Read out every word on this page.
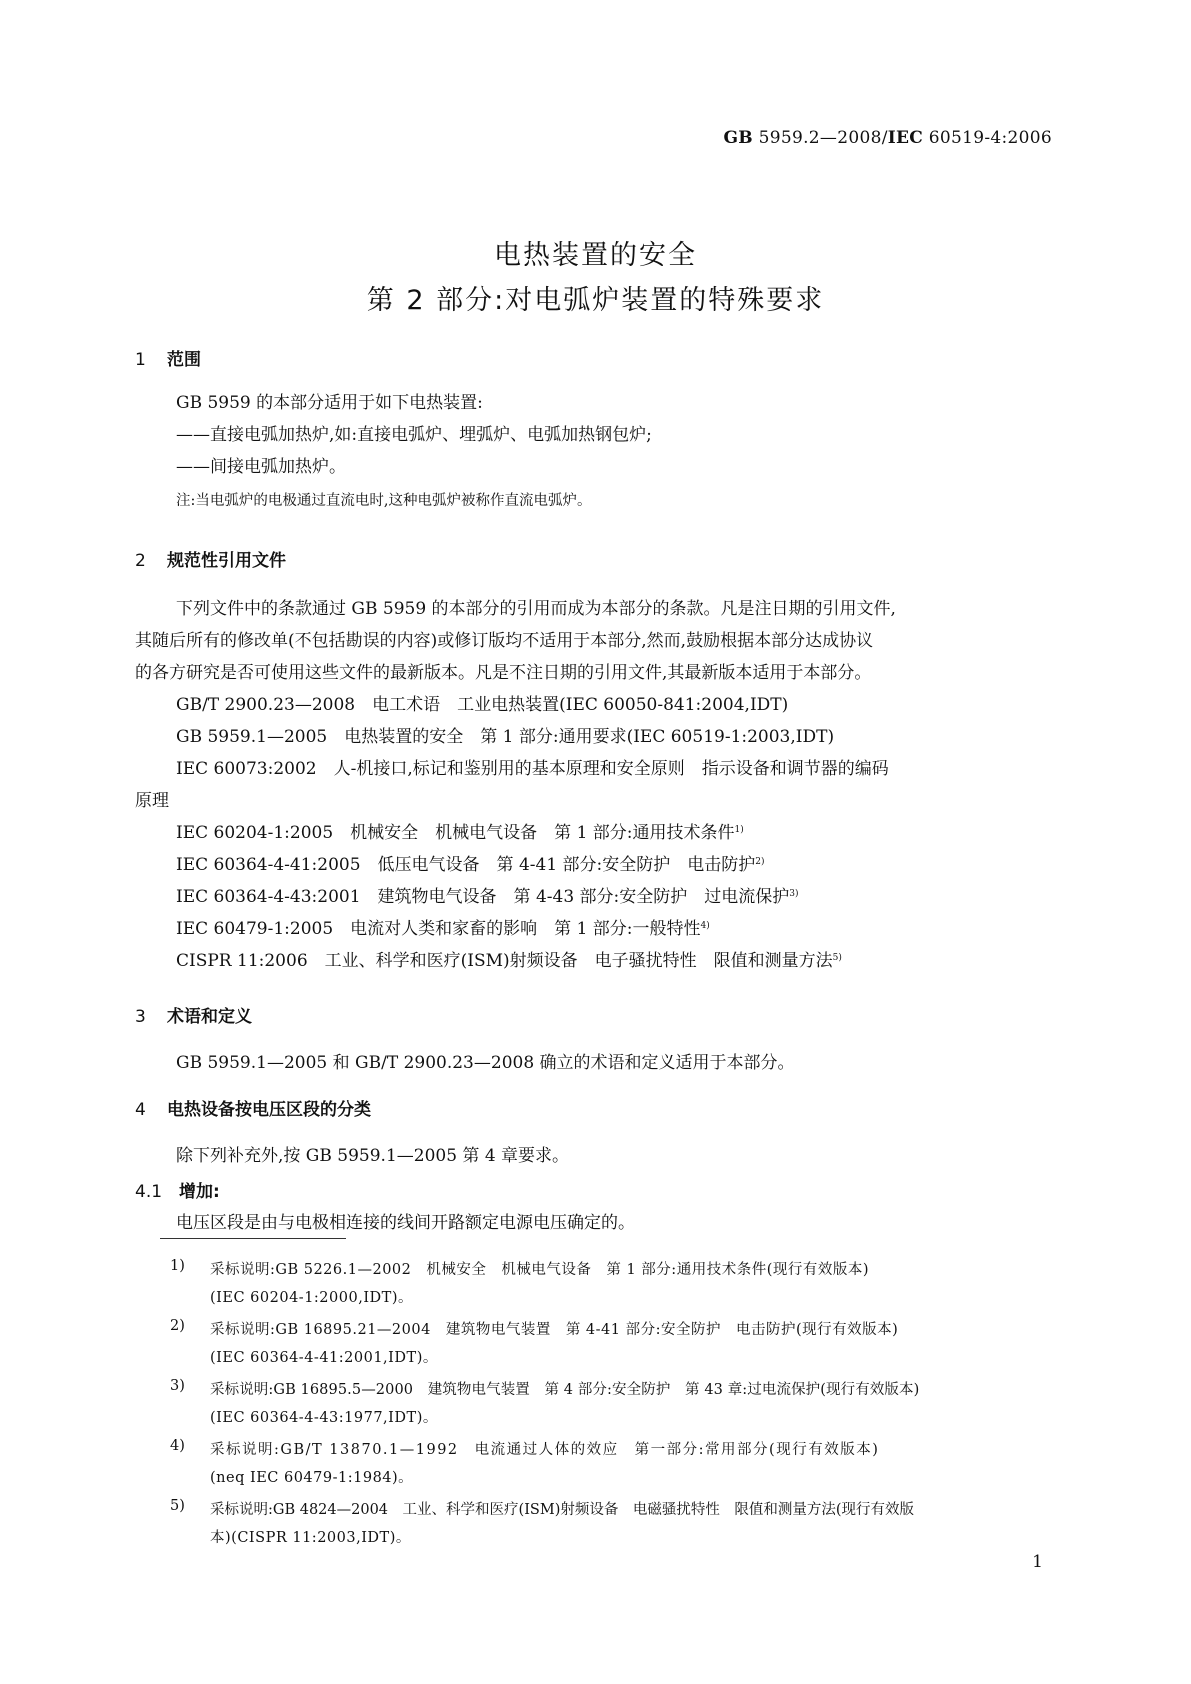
GB 5959.2—2008/IEC 60519-4:2006
电热装置的安全
第 2 部分:对电弧炉装置的特殊要求
1 范围
GB 5959 的本部分适用于如下电热装置:
——直接电弧加热炉,如:直接电弧炉、埋弧炉、电弧加热钢包炉;
——间接电弧加热炉。
注:当电弧炉的电极通过直流电时,这种电弧炉被称作直流电弧炉。
2 规范性引用文件
下列文件中的条款通过 GB 5959 的本部分的引用而成为本部分的条款。凡是注日期的引用文件,
其随后所有的修改单(不包括勘误的内容)或修订版均不适用于本部分,然而,鼓励根据本部分达成协议
的各方研究是否可使用这些文件的最新版本。凡是不注日期的引用文件,其最新版本适用于本部分。
GB/T 2900.23—2008　电工术语　工业电热装置(IEC 60050-841:2004,IDT)
GB 5959.1—2005　电热装置的安全　第 1 部分:通用要求(IEC 60519-1:2003,IDT)
IEC 60073:2002　人-机接口,标记和鉴别用的基本原理和安全原则　指示设备和调节器的编码
原理
IEC 60204-1:2005　机械安全　机械电气设备　第 1 部分:通用技术条件$^{1)}$
IEC 60364-4-41:2005　低压电气设备　第 4-41 部分:安全防护　电击防护$^{2)}$
IEC 60364-4-43:2001　建筑物电气设备　第 4-43 部分:安全防护　过电流保护$^{3)}$
IEC 60479-1:2005　电流对人类和家畜的影响　第 1 部分:一般特性$^{4)}$
CISPR 11:2006　工业、科学和医疗(ISM)射频设备　电子骚扰特性　限值和测量方法$^{5)}$
3 术语和定义
GB 5959.1—2005 和 GB/T 2900.23—2008 确立的术语和定义适用于本部分。
4 电热设备按电压区段的分类
除下列补充外,按 GB 5959.1—2005 第 4 章要求。
4.1 增加:
电压区段是由与电极相连接的线间开路额定电源电压确定的。
1) 采标说明:GB 5226.1—2002　机械安全　机械电气设备　第 1 部分:通用技术条件(现行有效版本)
(IEC 60204-1:2000,IDT)。
2) 采标说明:GB 16895.21—2004　建筑物电气装置　第 4-41 部分:安全防护　电击防护(现行有效版本)
(IEC 60364-4-41:2001,IDT)。
3) 采标说明:GB 16895.5—2000　建筑物电气装置　第 4 部分:安全防护　第 43 章:过电流保护(现行有效版本)
(IEC 60364-4-43:1977,IDT)。
4) 采标说明:GB/T 13870.1—1992　电流通过人体的效应　第一部分:常用部分(现行有效版本)
(neq IEC 60479-1:1984)。
5) 采标说明:GB 4824—2004　工业、科学和医疗(ISM)射频设备　电磁骚扰特性　限值和测量方法(现行有效版
本)(CISPR 11:2003,IDT)。
1
